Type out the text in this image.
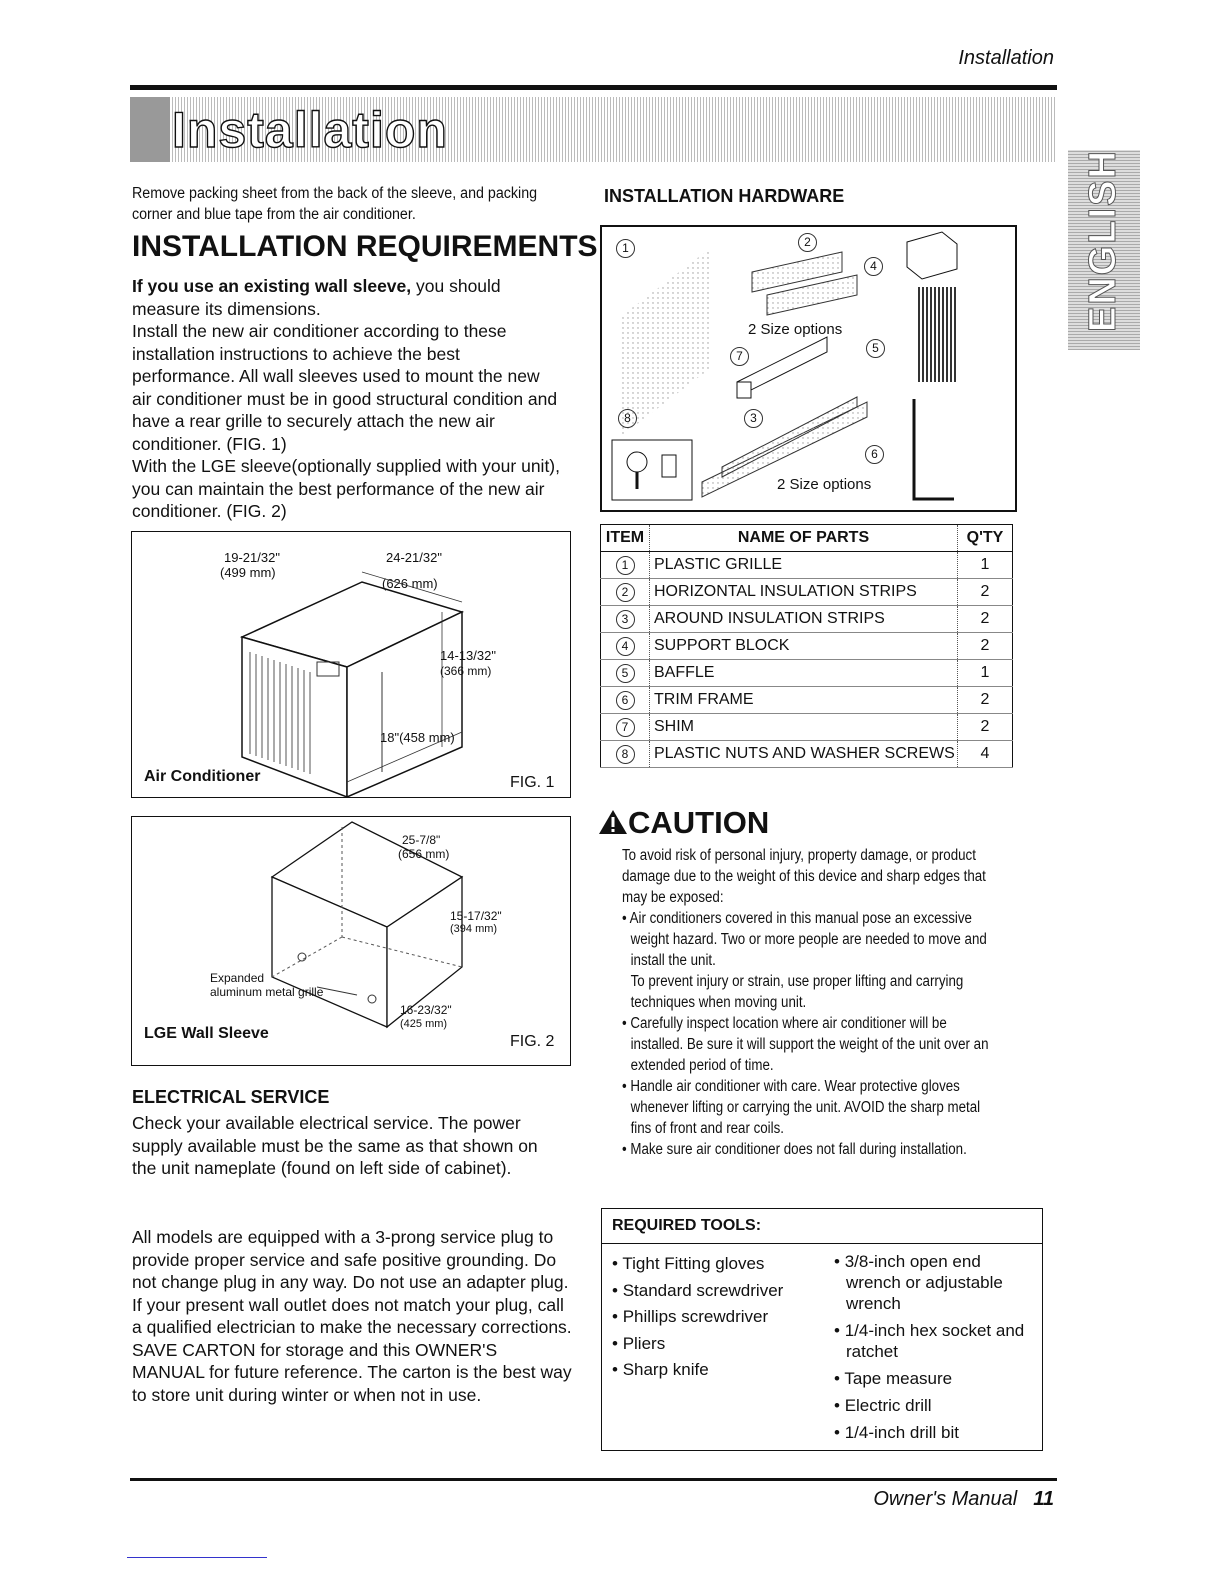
Installation
Installation
ENGLISH
Remove packing sheet from the back of the sleeve, and packing corner and blue tape from the air conditioner.
INSTALLATION REQUIREMENTS
If you use an existing wall sleeve, you should measure its dimensions.
Install the new air conditioner according to these installation instructions to achieve the best performance. All wall sleeves used to mount the new air conditioner must be in good structural condition and have a rear grille to securely attach the new air conditioner. (FIG. 1)
With the LGE sleeve(optionally supplied with your unit), you can maintain the best performance of the new air conditioner. (FIG. 2)
19-21/32"
(499 mm)
24-21/32"
(626 mm)
14-13/32"
(366 mm)
18"(458 mm)
Air Conditioner	FIG. 1
25-7/8"
(656 mm)
15-17/32"
(394 mm)
16-23/32"
(425 mm)
Expanded
aluminum metal grille
LGE Wall Sleeve	FIG. 2
ELECTRICAL SERVICE
Check your available electrical service. The power supply available must be the same as that shown on the unit nameplate (found on left side of cabinet).
All models are equipped with a 3-prong service plug to provide proper service and safe positive grounding. Do not change plug in any way. Do not use an adapter plug. If your present wall outlet does not match your plug, call a qualified electrician to make the necessary corrections. SAVE CARTON for storage and this OWNER'S MANUAL for future reference. The carton is the best way to store unit during winter or when not in use.
INSTALLATION HARDWARE
1	2
4
5
7
8	3
6
2 Size options
2 Size options
ITEM	NAME OF PARTS	Q'TY
1	PLASTIC GRILLE	1
2	HORIZONTAL INSULATION STRIPS	2
3	AROUND INSULATION STRIPS	2
4	SUPPORT BLOCK	2
5	BAFFLE	1
6	TRIM FRAME	2
7	SHIM	2
8	PLASTIC NUTS AND WASHER SCREWS	4
CAUTION
To avoid risk of personal injury, property damage, or product damage due to the weight of this device and sharp edges that may be exposed:
• Air conditioners covered in this manual pose an excessive weight hazard. Two or more people are needed to move and install the unit.
To prevent injury or strain, use proper lifting and carrying techniques when moving unit.
• Carefully inspect location where air conditioner will be installed. Be sure it will support the weight of the unit over an extended period of time.
• Handle air conditioner with care. Wear protective gloves whenever lifting or carrying the unit. AVOID the sharp metal fins of front and rear coils.
• Make sure air conditioner does not fall during installation.
REQUIRED TOOLS:
• Tight Fitting gloves
• Standard screwdriver
• Phillips screwdriver
• Pliers
• Sharp knife
• 3/8-inch open end wrench or adjustable wrench
• 1/4-inch hex socket and ratchet
• Tape measure
• Electric drill
• 1/4-inch drill bit
Owner's Manual 11
